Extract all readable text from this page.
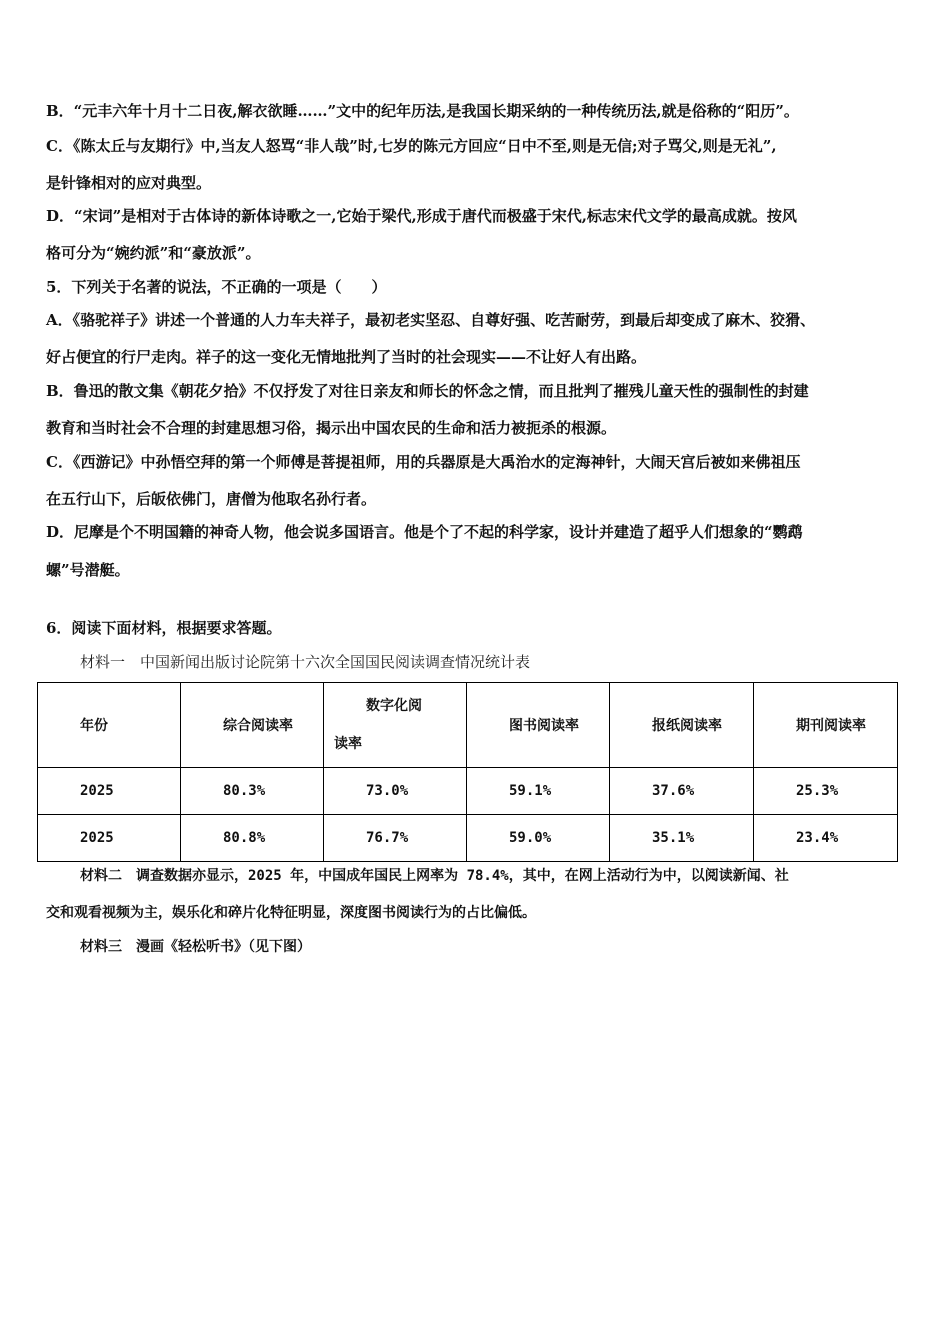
B．“元丰六年十月十二日夜,解衣欲睡……”文中的纪年历法,是我国长期采纳的一种传统历法,就是俗称的“阳历”。
C．《陈太丘与友期行》中,当友人怒骂“非人哉”时,七岁的陈元方回应“日中不至,则是无信;对子骂父,则是无礼”,
是针锋相对的应对典型。
D．“宋词”是相对于古体诗的新体诗歌之一,它始于梁代,形成于唐代而极盛于宋代,标志宋代文学的最高成就。按风
格可分为“婉约派”和“豪放派”。
5．下列关于名著的说法，不正确的一项是（　　）
A．《骆驼祥子》讲述一个普通的人力车夫祥子，最初老实坚忍、自尊好强、吃苦耐劳，到最后却变成了麻木、狡猾、
好占便宜的行尸走肉。祥子的这一变化无情地批判了当时的社会现实——不让好人有出路。
B．鲁迅的散文集《朝花夕拾》不仅抒发了对往日亲友和师长的怀念之情，而且批判了摧残儿童天性的强制性的封建
教育和当时社会不合理的封建思想习俗，揭示出中国农民的生命和活力被扼杀的根源。
C．《西游记》中孙悟空拜的第一个师傅是菩提祖师，用的兵器原是大禹治水的定海神针，大闹天宫后被如来佛祖压
在五行山下，后皈依佛门，唐僧为他取名孙行者。
D．尼摩是个不明国籍的神奇人物，他会说多国语言。他是个了不起的科学家，设计并建造了超乎人们想象的“鹦鹉
螺”号潜艇。
6．阅读下面材料，根据要求答题。
材料一　中国新闻出版讨论院第十六次全国国民阅读调查情况统计表
年份	综合阅读率	数字化阅读率	图书阅读率	报纸阅读率	期刊阅读率

2025	80.3%	73.0%	59.1%	37.6%	25.3%
2025	80.8%	76.7%	59.0%	35.1%	23.4%
材料二　调查数据亦显示，2025 年，中国成年国民上网率为 78.4%，其中，在网上活动行为中，以阅读新闻、社
交和观看视频为主，娱乐化和碎片化特征明显，深度图书阅读行为的占比偏低。
材料三　漫画《轻松听书》（见下图）
